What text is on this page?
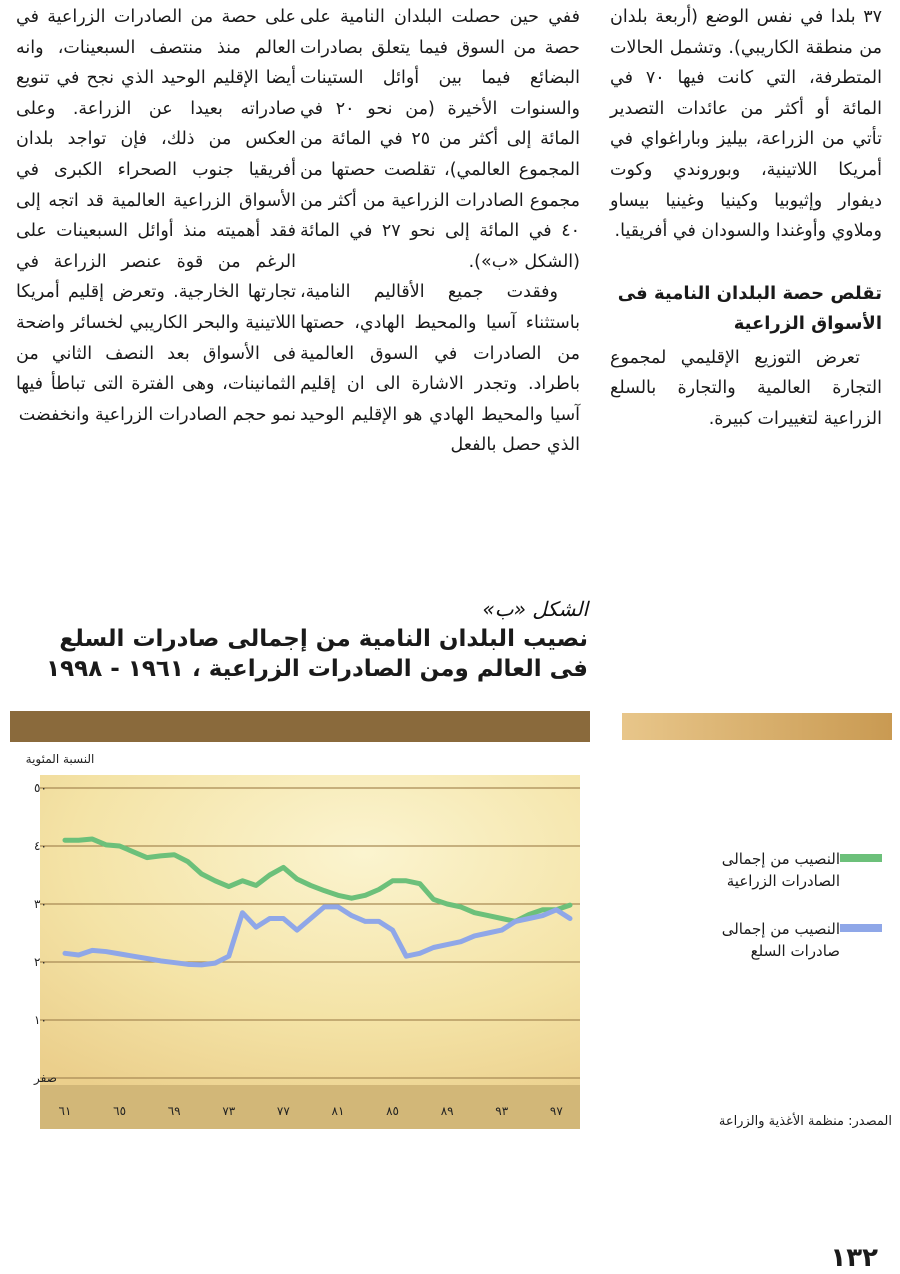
٣٧ بلدا في نفس الوضع (أربعة بلدان من منطقة الكاريبي). وتشمل الحالات المتطرفة، التي كانت فيها ٧٠ في المائة أو أكثر من عائدات التصدير تأتي من الزراعة، بيليز وباراغواي في أمريكا اللاتينية، وبوروندي وكوت ديفوار وإثيوبيا وكينيا وغينيا بيساو وملاوي وأوغندا والسودان في أفريقيا.

تقلص حصة البلدان النامية فى الأسواق الزراعية

تعرض التوزيع الإقليمي لمجموع التجارة العالمية والتجارة بالسلع الزراعية لتغييرات كبيرة.

ففي حين حصلت البلدان النامية على حصة من السوق فيما يتعلق بصادرات البضائع فيما بين أوائل الستينات والسنوات الأخيرة (من نحو ٢٠ في المائة إلى أكثر من ٢٥ في المائة من المجموع العالمي)، تقلصت حصتها من مجموع الصادرات الزراعية من أكثر من ٤٠ في المائة إلى نحو ٢٧ في المائة (الشكل «ب»).

وفقدت جميع الأقاليم النامية، باستثناء آسيا والمحيط الهادي، حصتها من الصادرات في السوق العالمية باطراد. وتجدر الاشارة الى ان إقليم آسيا والمحيط الهادي هو الإقليم الوحيد الذي حصل بالفعل

على حصة من الصادرات الزراعية في العالم منذ منتصف السبعينات، وانه أيضا الإقليم الوحيد الذي نجح في تنويع صادراته بعيدا عن الزراعة. وعلى العكس من ذلك، فإن تواجد بلدان أفريقيا جنوب الصحراء الكبرى في الأسواق الزراعية العالمية قد اتجه إلى فقد أهميته منذ أوائل السبعينات على الرغم من قوة عنصر الزراعة في تجارتها الخارجية. وتعرض إقليم أمريكا اللاتينية والبحر الكاريبي لخسائر واضحة فى الأسواق بعد النصف الثاني من الثمانينات، وهى الفترة التى تباطأ فيها نمو حجم الصادرات الزراعية وانخفضت

الشكل «ب»
نصيب البلدان النامية من إجمالى صادرات السلع فى العالم ومن الصادرات الزراعية ، ١٩٦١ - ١٩٩٨
صفر
١٠
٢٠
٣٠
٤٠
٥٠
٦١	٦٥	٦٩	٧٣	٧٧	٨١	٨٥	٨٩	٩٣	٩٧
النسبة المئوية
النصيب من إجمالى الصادرات الزراعية
النصيب من إجمالى صادرات السلع
المصدر: منظمة الأغذية والزراعة
١٣٢
